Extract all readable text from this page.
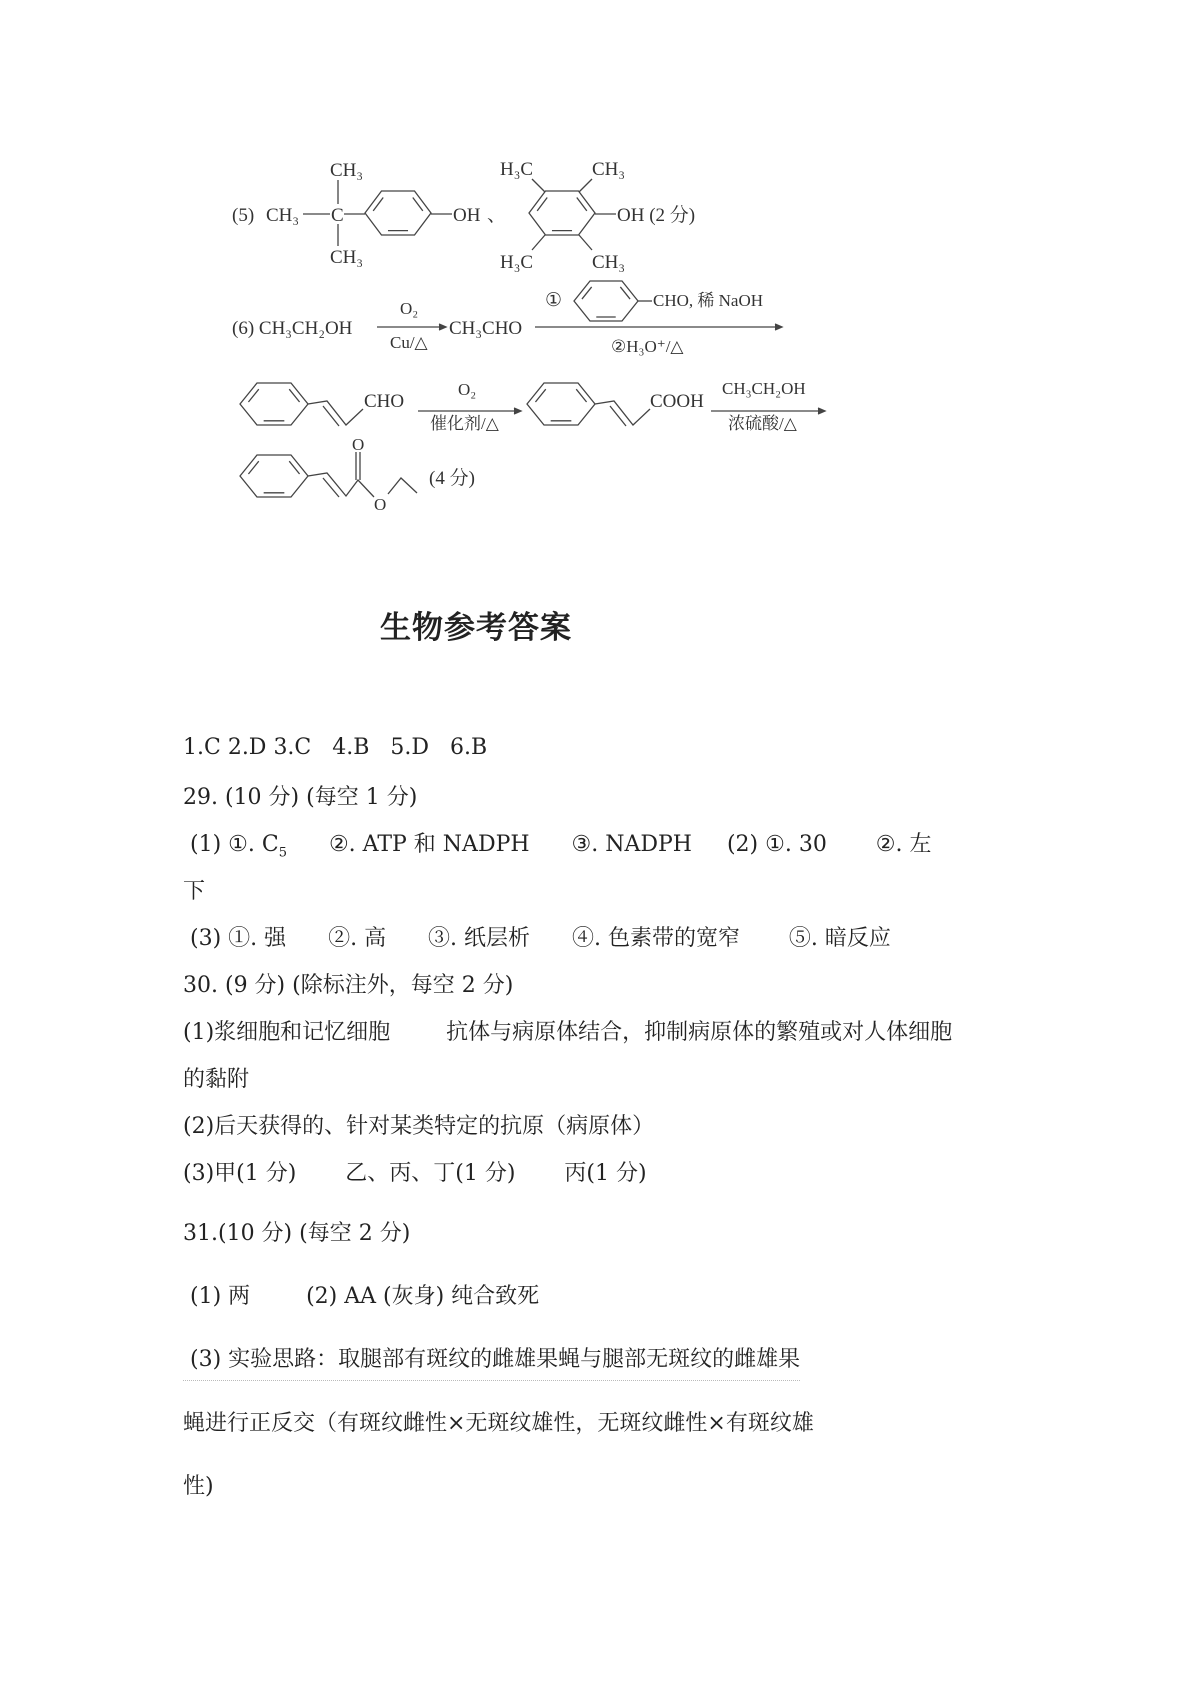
(5) CH₃ C
CH₃
CH₃
OH 、
H₃C	CH₃
H₃C	CH₃
OH (2 分)
(6) CH₃CH₂OH
O₂
Cu/△
CH₃CHO
①	CHO, 稀 NaOH
②H₃O⁺/△
CHO
O₂
催化剂/△
COOH
CH₃CH₂OH
浓硫酸/△
O
O
(4 分)
生物参考答案
1.C 2.D 3.C   4.B   5.D   6.B
29. (10 分) (每空 1 分)
(1) ①. $C_5$      ②. ATP 和 NADPH      ③. NADPH     (2) ①. 30       ②. 左
下
(3) ①. 强      ②. 高      ③. 纸层析      ④. 色素带的宽窄       ⑤. 暗反应
30. (9 分) (除标注外，每空 2 分)
(1)浆细胞和记忆细胞        抗体与病原体结合，抑制病原体的繁殖或对人体细胞
的黏附
(2)后天获得的、针对某类特定的抗原（病原体）
(3)甲(1 分)       乙、丙、丁(1 分)       丙(1 分)
31.(10 分) (每空 2 分)
(1) 两        (2) AA (灰身) 纯合致死
(3) 实验思路：取腿部有斑纹的雌雄果蝇与腿部无斑纹的雌雄果
蝇进行正反交（有斑纹雌性×无斑纹雄性，无斑纹雌性×有斑纹雄
性)
